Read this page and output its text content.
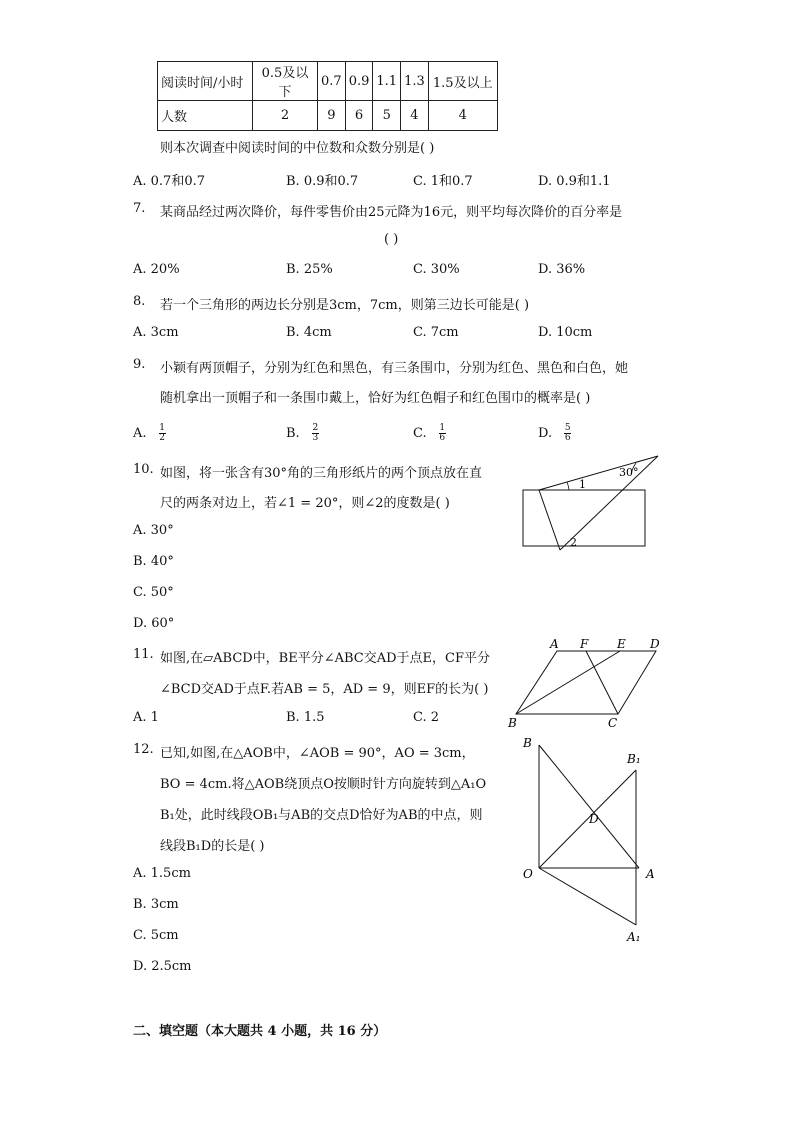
阅读时间/小时	0.5及以下	0.7	0.9	1.1	1.3	1.5及以上
人数	2	9	6	5	4	4
则本次调查中阅读时间的中位数和众数分别是( )
A. 0.7和0.7	B. 0.9和0.7	C. 1和0.7	D. 0.9和1.1
7. 某商品经过两次降价，每件零售价由25元降为16元，则平均每次降价的百分率是
( )
A. 20%	B. 25%	C. 30%	D. 36%
8. 若一个三角形的两边长分别是3cm，7cm，则第三边长可能是( )
A. 3cm	B. 4cm	C. 7cm	D. 10cm
9. 小颖有两顶帽子，分别为红色和黑色，有三条围巾，分别为红色、黑色和白色，她
随机拿出一顶帽子和一条围巾戴上，恰好为红色帽子和红色围巾的概率是( )
A. $\frac{1}{2}$	B. $\frac{2}{3}$	C. $\frac{1}{6}$	D. $\frac{5}{6}$
10. 如图，将一张含有30°角的三角形纸片的两个顶点放在直
尺的两条对边上，若∠1 = 20°，则∠2的度数是( )
A. 30°
B. 40°
C. 50°
D. 60°
30°
1
2
11. 如图,在▱ABCD中，BE平分∠ABC交AD于点E，CF平分
∠BCD交AD于点F.若AB = 5，AD = 9，则EF的长为( )
A. 1	B. 1.5	C. 2
A F E D
B	C
12. 已知,如图,在△AOB中，∠AOB = 90°，AO = 3cm，
BO = 4cm.将△AOB绕顶点O按顺时针方向旋转到△A₁O
B₁处，此时线段OB₁与AB的交点D恰好为AB的中点，则
线段B₁D的长是( )
A. 1.5cm
B. 3cm
C. 5cm
D. 2.5cm
B
B₁
D
O	A
A₁
二、填空题（本大题共 4 小题，共 16 分）
